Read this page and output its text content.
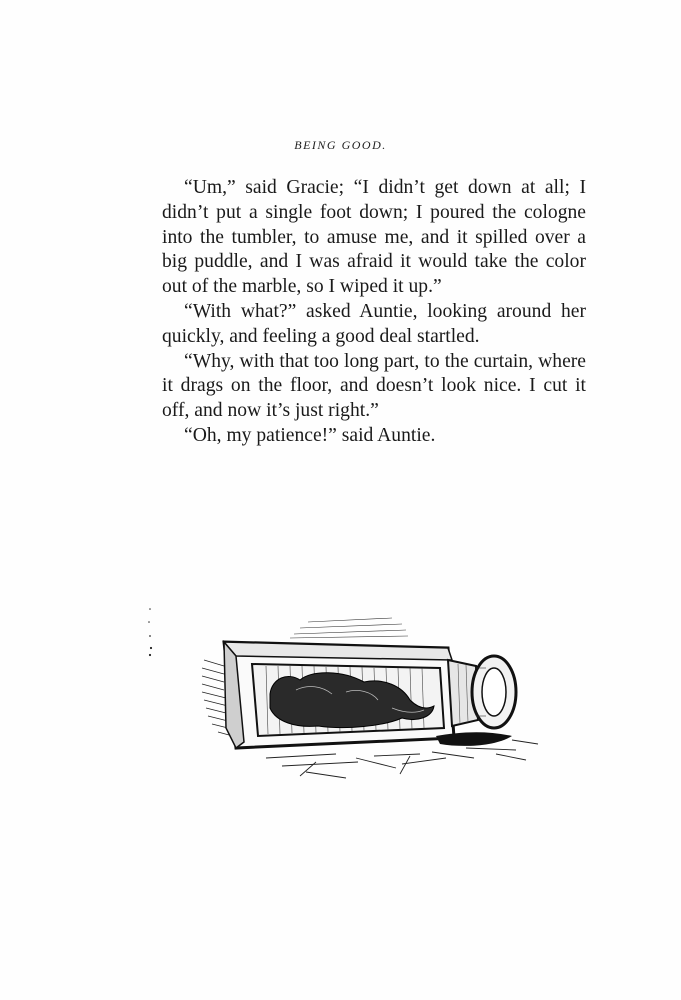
BEING GOOD.

“Um,” said Gracie; “I didn’t get down at all; I didn’t put a single foot down; I poured the cologne into the tumbler, to amuse me, and it spilled over a big puddle, and I was afraid it would take the color out of the marble, so I wiped it up.”

“With what?” asked Auntie, looking around her quickly, and feeling a good deal startled.

“Why, with that too long part, to the curtain, where it drags on the floor, and doesn’t look nice. I cut it off, and now it’s just right.”

“Oh, my patience!” said Auntie.
